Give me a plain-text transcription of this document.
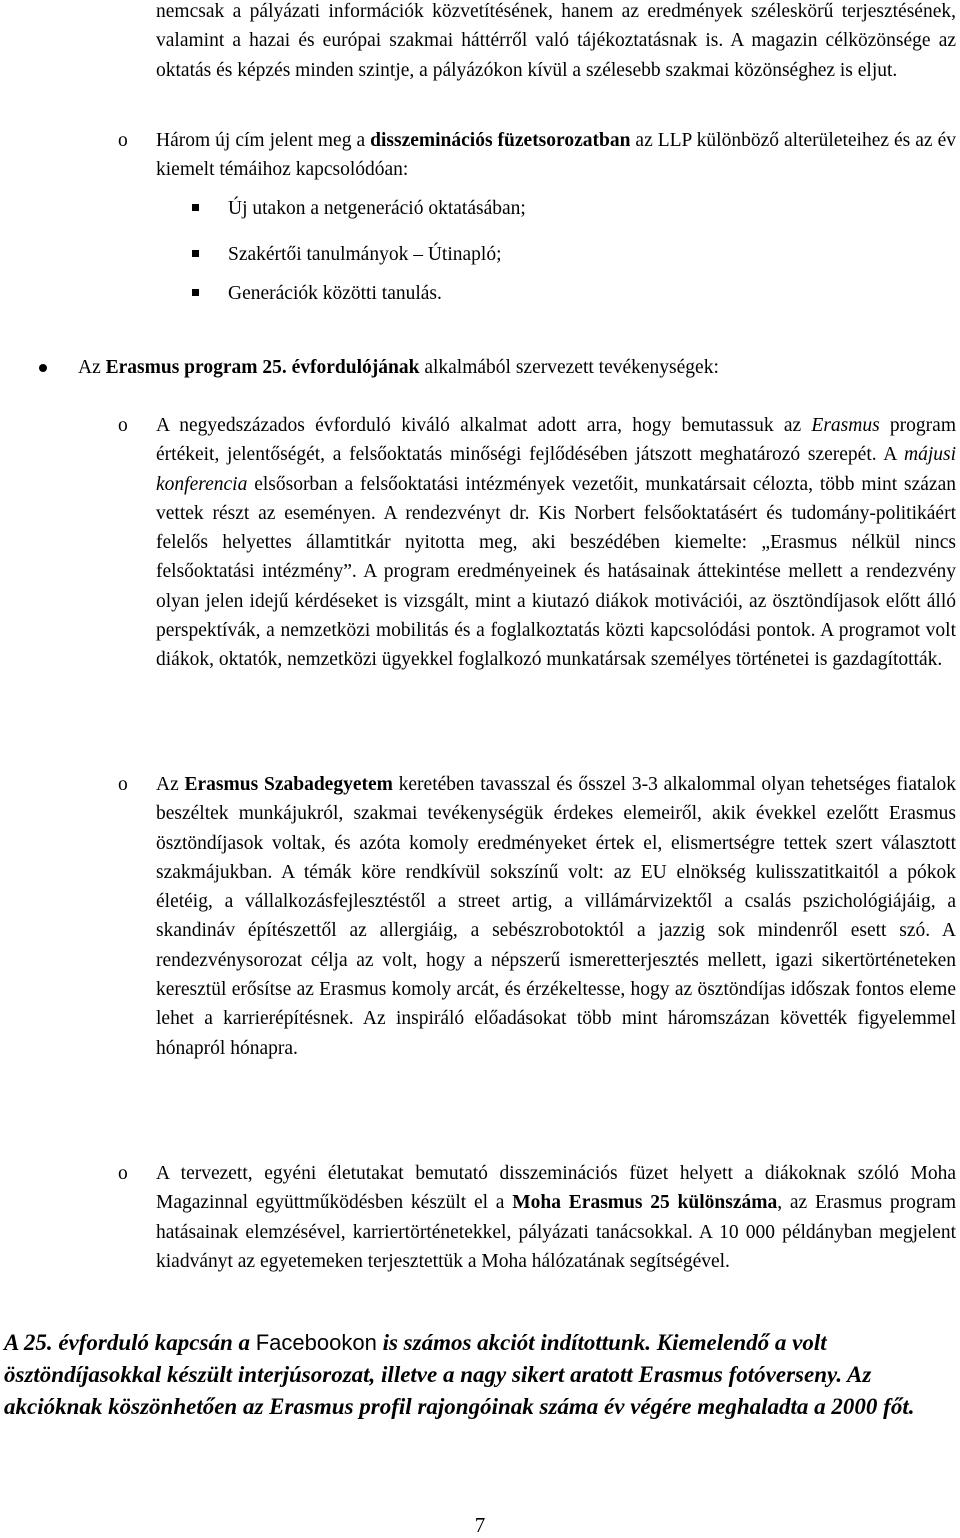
nemcsak a pályázati információk közvetítésének, hanem az eredmények széleskörű terjesztésének, valamint a hazai és európai szakmai háttérről való tájékoztatásnak is. A magazin célközönsége az oktatás és képzés minden szintje, a pályázókon kívül a szélesebb szakmai közönséghez is eljut.
o Három új cím jelent meg a disszeminációs füzetsorozatban az LLP különböző alterületeihez és az év kiemelt témáihoz kapcsolódóan:
Új utakon a netgeneráció oktatásában;
Szakértői tanulmányok – Útinapló;
Generációk közötti tanulás.
Az Erasmus program 25. évfordulójának alkalmából szervezett tevékenységek:
o A negyedszázados évforduló kiváló alkalmat adott arra, hogy bemutassuk az Erasmus program értékeit, jelentőségét, a felsőoktatás minőségi fejlődésében játszott meghatározó szerepét. A májusi konferencia elsősorban a felsőoktatási intézmények vezetőit, munkatársait célozta, több mint százan vettek részt az eseményen. A rendezvényt dr. Kis Norbert felsőoktatásért és tudomány-politikáért felelős helyettes államtitkár nyitotta meg, aki beszédében kiemelte: „Erasmus nélkül nincs felsőoktatási intézmény”. A program eredményeinek és hatásainak áttekintése mellett a rendezvény olyan jelen idejű kérdéseket is vizsgált, mint a kiutazó diákok motivációi, az ösztöndíjasok előtt álló perspektívák, a nemzetközi mobilitás és a foglalkoztatás közti kapcsolódási pontok. A programot volt diákok, oktatók, nemzetközi ügyekkel foglalkozó munkatársak személyes történetei is gazdagították.
o Az Erasmus Szabadegyetem keretében tavasszal és ősszel 3-3 alkalommal olyan tehetséges fiatalok beszéltek munkájukról, szakmai tevékenységük érdekes elemeiről, akik évekkel ezelőtt Erasmus ösztöndíjasok voltak, és azóta komoly eredményeket értek el, elismertségre tettek szert választott szakmájukban. A témák köre rendkívül sokszínű volt: az EU elnökség kulisszatitkaitól a pókok életéig, a vállalkozásfejlesztéstől a street artig, a villámárvizektől a csalás pszichológiájáig, a skandináv építészettől az allergiáig, a sebészrobotoktól a jazzig sok mindenről esett szó. A rendezvénysorozat célja az volt, hogy a népszerű ismeretterjesztés mellett, igazi sikertörténeteken keresztül erősítse az Erasmus komoly arcát, és érzékeltesse, hogy az ösztöndíjas időszak fontos eleme lehet a karrierépítésnek. Az inspiráló előadásokat több mint háromszázan követték figyelemmel hónapról hónapra.
o A tervezett, egyéni életutakat bemutató disszeminációs füzet helyett a diákoknak szóló Moha Magazinnal együttműködésben készült el a Moha Erasmus 25 különszáma, az Erasmus program hatásainak elemzésével, karriertörténetekkel, pályázati tanácsokkal. A 10 000 példányban megjelent kiadványt az egyetemeken terjesztettük a Moha hálózatának segítségével.
A 25. évforduló kapcsán a Facebookon is számos akciót indítottunk. Kiemelendő a volt ösztöndíjasokkal készült interjúsorozat, illetve a nagy sikert aratott Erasmus fotóverseny. Az akcióknak köszönhetően az Erasmus profil rajongóinak száma év végére meghaladta a 2000 főt.
7
